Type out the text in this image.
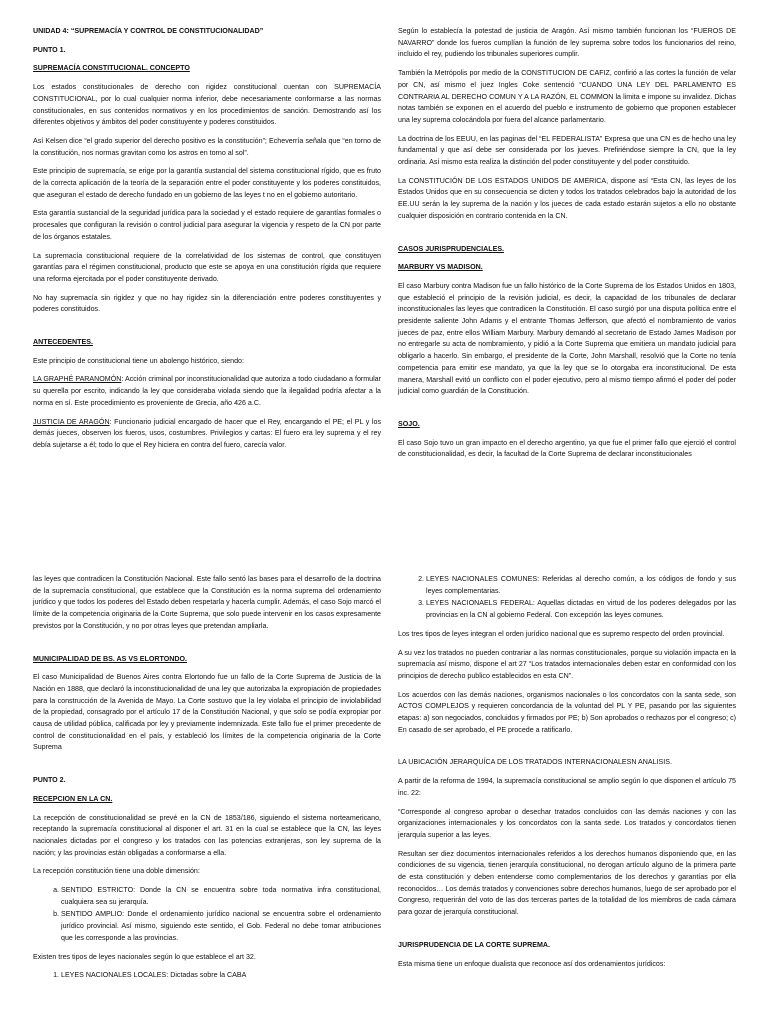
UNIDAD 4: “SUPREMACÍA Y CONTROL DE CONSTITUCIONALIDAD”
PUNTO 1.
SUPREMACÍA CONSTITUCIONAL. CONCEPTO

Los estados constitucionales de derecho con rigidez constitucional cuentan con SUPREMACÍA CONSTITUCIONAL, por lo cual cualquier norma inferior, debe necesariamente conformarse a las normas constitucionales, en sus contenidos normativos y en los procedimientos de sanción. Demostrando así los diferentes objetivos y ámbitos del poder constituyente y poderes constituidos.

Así Kelsen dice “el grado superior del derecho positivo es la constitución”; Echeverría señala que “en torno de la constitución, nos normas gravitan como los astros en torno al sol”.

Este principio de supremacía, se erige por la garantía sustancial del sistema constitucional rígido, que es fruto de la correcta aplicación de la teoría de la separación entre el poder constituyente y los poderes constituidos, que aseguran el estado de derecho fundado en un gobierno de las leyes t no en el gobierno autoritario.

Esta garantía sustancial de la seguridad jurídica para la sociedad y el estado requiere de garantías formales o procesales que configuran la revisión o control judicial para asegurar la vigencia y respeto de la CN por parte de los órganos estatales.

La supremacía constitucional requiere de la correlatividad de los sistemas de control, que constituyen garantías para el régimen constitucional, producto que este se apoya en una constitución rígida que requiere una reforma ejercitada por el poder constituyente derivado.

No hay supremacía sin rigidez y que no hay rigidez sin la diferenciación entre poderes constituyentes y poderes constituidos.

ANTECEDENTES.

Este principio de constitucional tiene un abolengo histórico, siendo:

LA GRAPHÉ PARANOMÓN: Acción criminal por inconstitucionalidad que autoriza a todo ciudadano a formular su querella por escrito, indicando la ley que consideraba violada siendo que la ilegalidad podría afectar a la norma en sí. Este procedimiento es proveniente de Grecia, año 426 a.C.

JUSTICIA DE ARAGÓN: Funcionario judicial encargado de hacer que el Rey, encargando el PE; el PL y los demás jueces, observen los fueros, usos, costumbres. Privilegios y cartas: El fuero era ley suprema y el rey debía sujetarse a él; todo lo que el Rey hiciera en contra del fuero, carecía valor.

Según lo establecía la potestad de justicia de Aragón. Así mismo también funcionan los “FUEROS DE NAVARRO” donde los fueros cumplían la función de ley suprema sobre todos los funcionarios del reino, incluido el rey, pudiendo los tribunales superiores cumplir.

También la Metrópolis por medio de la CONSTITUCION DE CAFIZ, confirió a las cortes la función de velar por CN, así mismo el juez Ingles Coke sentenció “CUANDO UNA LEY DEL PARLAMENTO ES CONTRARIA AL DERECHO COMUN Y A LA RAZÓN, EL COMMON la limita e impone su invalidez. Dichas notas también se exponen en el acuerdo del pueblo e instrumento de gobierno que proponen establecer una ley suprema colocándola por fuera del alcance parlamentario.

La doctrina de los EEUU, en las paginas del “EL FEDERALISTA” Expresa que una CN es de hecho una ley fundamental y que así debe ser considerada por los jueves. Prefiriéndose siempre la CN, que la ley ordinaria. Así mismo esta realiza la distinción del poder constituyente y del poder constituido.

La CONSTITUCIÓN DE LOS ESTADOS UNIDOS DE AMERICA, dispone así “Esta CN, las leyes de los Estados Unidos que en su consecuencia se dicten y todos los tratados celebrados bajo la autoridad de los EE.UU serán la ley suprema de la nación y los jueces de cada estado estarán sujetos a ello no obstante cualquier disposición en contrario contenida en la CN.

CASOS JURISPRUDENCIALES.
MARBURY VS MADISON.

El caso Marbury contra Madison fue un fallo histórico de la Corte Suprema de los Estados Unidos en 1803, que estableció el principio de la revisión judicial, es decir, la capacidad de los tribunales de declarar inconstitucionales las leyes que contradicen la Constitución. El caso surgió por una disputa política entre el presidente saliente John Adams y el entrante Thomas Jefferson, que afectó el nombramiento de varios jueces de paz, entre ellos William Marbury. Marbury demandó al secretario de Estado James Madison por no entregarle su acta de nombramiento, y pidió a la Corte Suprema que emitiera un mandato judicial para obligarlo a hacerlo. Sin embargo, el presidente de la Corte, John Marshall, resolvió que la Corte no tenía competencia para emitir ese mandato, ya que la ley que se lo otorgaba era inconstitucional. De esta manera, Marshall evitó un conflicto con el poder ejecutivo, pero al mismo tiempo afirmó el poder del poder judicial como guardián de la Constitución.

SOJO.

El caso Sojo tuvo un gran impacto en el derecho argentino, ya que fue el primer fallo que ejerció el control de constitucionalidad, es decir, la facultad de la Corte Suprema de declarar inconstitucionales

las leyes que contradicen la Constitución Nacional. Este fallo sentó las bases para el desarrollo de la doctrina de la supremacía constitucional, que establece que la Constitución es la norma suprema del ordenamiento jurídico y que todos los poderes del Estado deben respetarla y hacerla cumplir. Además, el caso Sojo marcó el límite de la competencia originaria de la Corte Suprema, que solo puede intervenir en los casos expresamente previstos por la Constitución, y no por otras leyes que pretendan ampliarla.

MUNICIPALIDAD DE BS. AS VS ELORTONDO.

El caso Municipalidad de Buenos Aires contra Elortondo fue un fallo de la Corte Suprema de Justicia de la Nación en 1888, que declaró la inconstitucionalidad de una ley que autorizaba la expropiación de propiedades para la construcción de la Avenida de Mayo. La Corte sostuvo que la ley violaba el principio de inviolabilidad de la propiedad, consagrado por el artículo 17 de la Constitución Nacional, y que solo se podía expropiar por causa de utilidad pública, calificada por ley y previamente indemnizada. Este fallo fue el primer precedente de control de constitucionalidad en el país, y estableció los límites de la competencia originaria de la Corte Suprema

PUNTO 2.
RECEPCION EN LA CN.

La recepción de constitucionalidad se prevé en la CN de 1853/186, siguiendo el sistema norteamericano, receptando la supremacía constitucional al disponer el art. 31 en la cual se establece que la CN, las leyes nacionales dictadas por el congreso y los tratados con las potencias extranjeras, son ley suprema de la nación; y las provincias están obligadas a conformarse a ella.

La recepción constitución tiene una doble dimensión:

a. SENTIDO ESTRICTO: Donde la CN se encuentra sobre toda normativa infra constitucional, cualquiera sea su jerarquía.
b. SENTIDO AMPLIO: Donde el ordenamiento jurídico nacional se encuentra sobre el ordenamiento jurídico provincial. Así mismo, siguiendo este sentido, el Gob. Federal no debe tomar atribuciones que les corresponde a las provincias.

Existen tres tipos de leyes nacionales según lo que establece el art 32.

1. LEYES NACIONALES LOCALES: Dictadas sobre la CABA
2. LEYES NACIONALES COMUNES: Referidas al derecho común, a los códigos de fondo y sus leyes complementarias.
3. LEYES NACIONAELS FEDERAL: Aquellas dictadas en virtud de los poderes delegados por las provincias en la CN al gobierno Federal. Con excepción las leyes comunes.

Los tres tipos de leyes integran el orden jurídico nacional que es supremo respecto del orden provincial.

A su vez los tratados no pueden contrariar a las normas constitucionales, porque su violación impacta en la supremacía así mismo, dispone el art 27 “Los tratados internacionales deben estar en conformidad con los principios de derecho publico establecidos en esta CN”.

Los acuerdos con las demás naciones, organismos nacionales o los concordatos con la santa sede, son ACTOS COMPLEJOS y requieren concordancia de la voluntad del PL Y PE, pasando por las siguientes etapas: a) son negociados, concluidos y firmados por PE; b) Son aprobados o rechazos por el congreso; c) En casado de ser aprobado, el PE procede a ratificarlo.

LA UBICACIÓN JERARQUÍCA DE LOS TRATADOS INTERNACIONALESN ANALISIS.

A partir de la reforma de 1994, la supremacía constitucional se amplio según lo que disponen el artículo 75 inc. 22:

“Corresponde al congreso aprobar o desechar tratados concluidos con las demás naciones y con las organizaciones internacionales y los concordatos con la santa sede. Los tratados y concordatos tienen jerarquía superior a las leyes.

Resultan ser diez documentos internacionales referidos a los derechos humanos disponiendo que, en las condiciones de su vigencia, tienen jerarquía constitucional, no derogan artículo alguno de la primera parte de esta constitución y deben entenderse como complementarios de los derechos y garantías por ella reconocidos… Los demás tratados y convenciones sobre derechos humanos, luego de ser aprobado por el Congreso, requerirán del voto de las dos terceras partes de la totalidad de los miembros de cada cámara para gozar de jerarquía constitucional.

JURISPRUDENCIA DE LA CORTE SUPREMA.

Esta misma tiene un enfoque dualista que reconoce así dos ordenamientos jurídicos:
